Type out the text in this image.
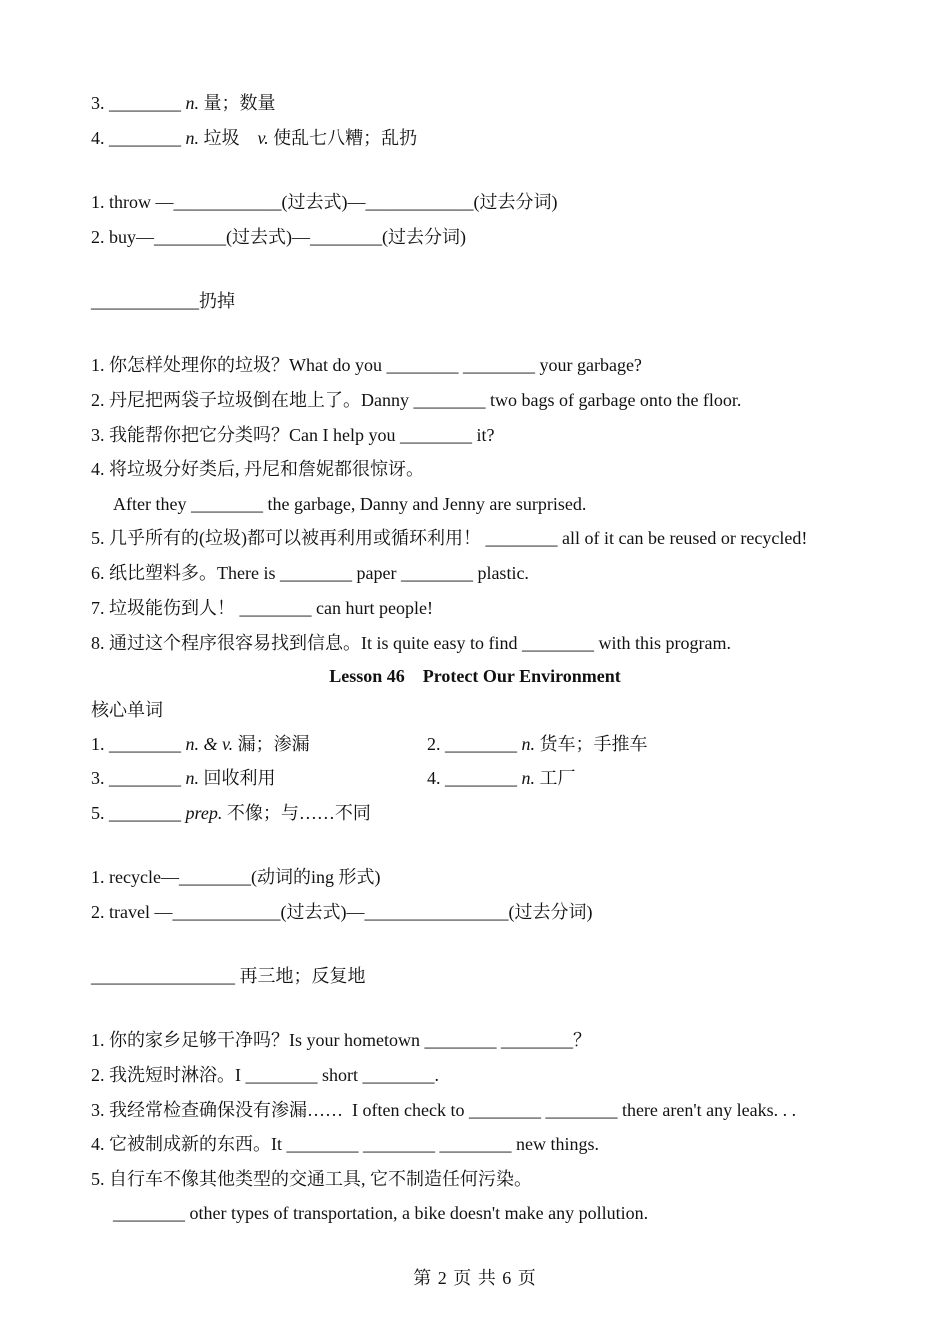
3. ________ n. 量；数量
4. ________ n. 垃圾　v. 使乱七八糟；乱扔
1. throw —____________(过去式)—____________(过去分词)
2. buy—________(过去式)—________(过去分词)
____________扔掉
1. 你怎样处理你的垃圾？What do you ________ ________ your garbage?
2. 丹尼把两袋子垃圾倒在地上了。Danny ________ two bags of garbage onto the floor.
3. 我能帮你把它分类吗？Can I help you ________ it?
4. 将垃圾分好类后, 丹尼和詹妮都很惊讶。
After they ________ the garbage, Danny and Jenny are surprised.
5. 几乎所有的(垃圾)都可以被再利用或循环利用！ ________ all of it can be reused or recycled!
6. 纸比塑料多。There is ________ paper ________ plastic.
7. 垃圾能伤到人！ ________ can hurt people!
8. 通过这个程序很容易找到信息。It is quite easy to find ________ with this program.
Lesson 46　Protect Our Environment
核心单词
1. ________ n. & v. 漏；渗漏	2. ________ n. 货车；手推车
3. ________ n. 回收利用	4. ________ n. 工厂
5. ________ prep. 不像；与……不同
1. recycle—________(动词的ing 形式)
2. travel —____________(过去式)—________________(过去分词)
________________ 再三地；反复地
1. 你的家乡足够干净吗？Is your hometown ________ ________？
2. 我洗短时淋浴。I ________ short ________.
3. 我经常检查确保没有渗漏……  I often check to ________ ________ there aren't any leaks. . .
4. 它被制成新的东西。It ________ ________ ________ new things.
5. 自行车不像其他类型的交通工具, 它不制造任何污染。
________ other types of transportation, a bike doesn't make any pollution.
第 2 页 共 6 页
